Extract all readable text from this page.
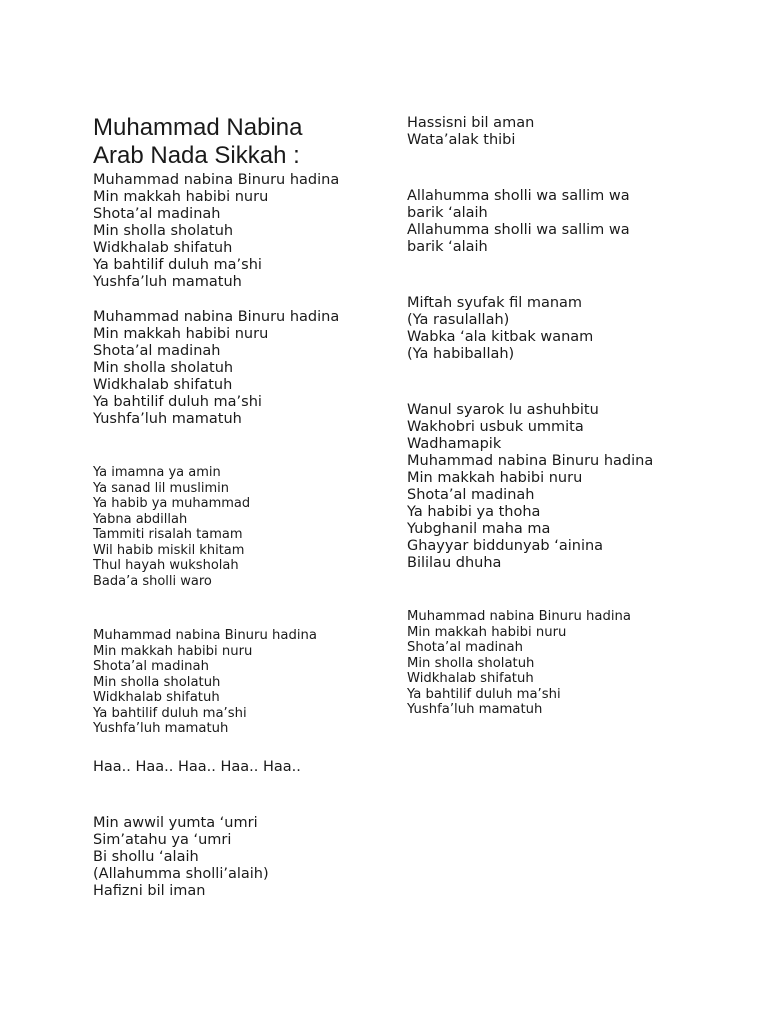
Muhammad Nabina
Arab Nada Sikkah :
Muhammad nabina Binuru hadina
Min makkah habibi nuru
Shota’al madinah
Min sholla sholatuh
Widkhalab shifatuh
Ya bahtilif duluh ma’shi
Yushfa’luh mamatuh
Muhammad nabina Binuru hadina
Min makkah habibi nuru
Shota’al madinah
Min sholla sholatuh
Widkhalab shifatuh
Ya bahtilif duluh ma’shi
Yushfa’luh mamatuh
Ya imamna ya amin
Ya sanad lil muslimin
Ya habib ya muhammad
Yabna abdillah
Tammiti risalah tamam
Wil habib miskil khitam
Thul hayah wuksholah
Bada’a sholli waro
Muhammad nabina Binuru hadina
Min makkah habibi nuru
Shota’al madinah
Min sholla sholatuh
Widkhalab shifatuh
Ya bahtilif duluh ma’shi
Yushfa’luh mamatuh
Haa.. Haa.. Haa.. Haa.. Haa..
Min awwil yumta ‘umri
Sim’atahu ya ‘umri
Bi shollu ‘alaih
(Allahumma sholli’alaih)
Hafizni bil iman
Hassisni bil aman
Wata’alak thibi
Allahumma sholli wa sallim wa
barik ‘alaih
Allahumma sholli wa sallim wa
barik ‘alaih
Miftah syufak fil manam
(Ya rasulallah)
Wabka ‘ala kitbak wanam
(Ya habiballah)
Wanul syarok lu ashuhbitu
Wakhobri usbuk ummita
Wadhamapik
Muhammad nabina Binuru hadina
Min makkah habibi nuru
Shota’al madinah
Ya habibi ya thoha
Yubghanil maha ma
Ghayyar biddunyab ‘ainina
Bililau dhuha
Muhammad nabina Binuru hadina
Min makkah habibi nuru
Shota’al madinah
Min sholla sholatuh
Widkhalab shifatuh
Ya bahtilif duluh ma’shi
Yushfa’luh mamatuh
